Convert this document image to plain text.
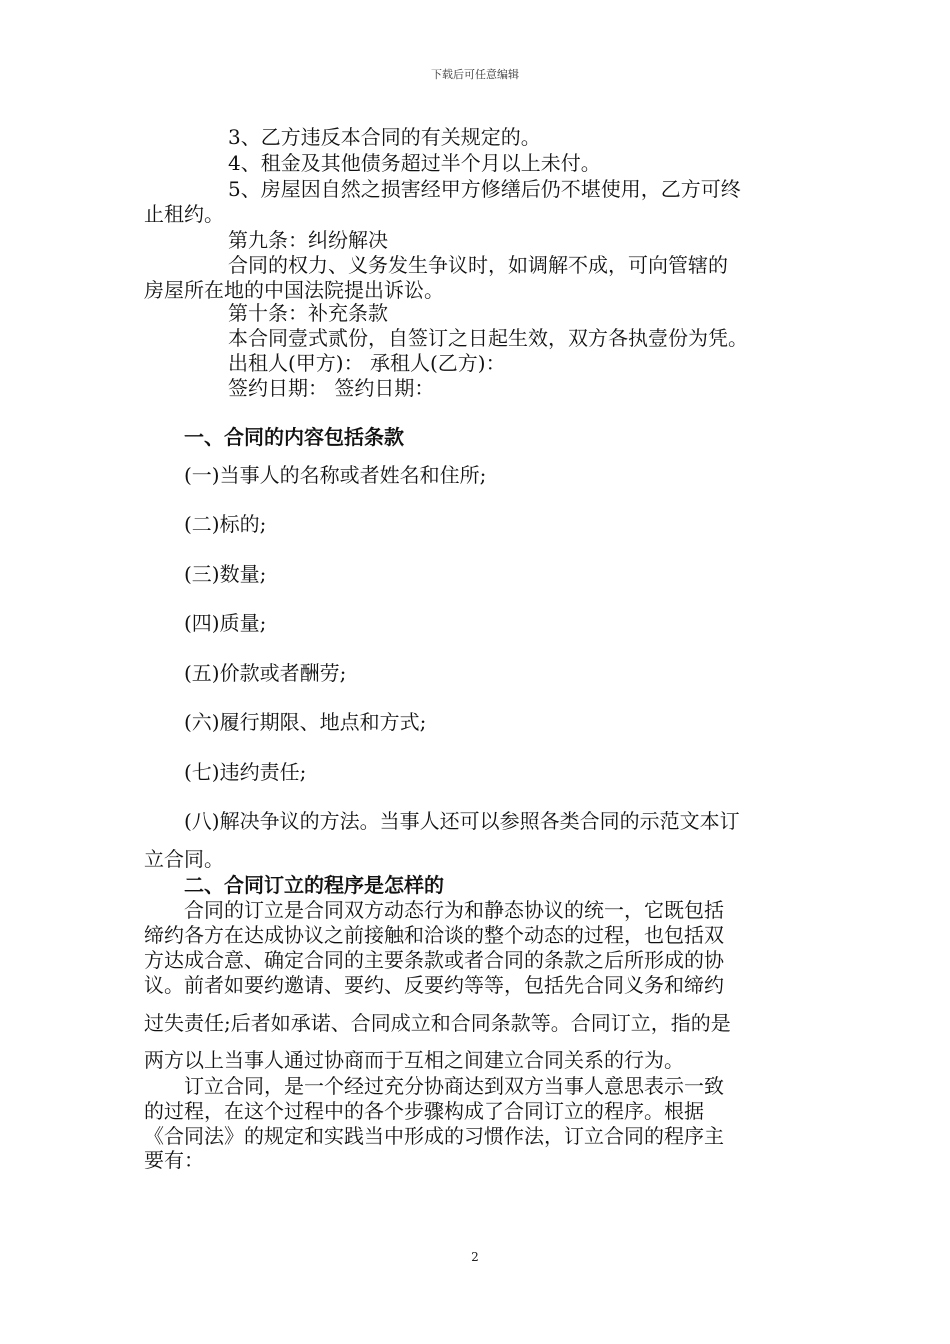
下载后可任意编辑
3、乙方违反本合同的有关规定的。
4、租金及其他债务超过半个月以上未付。
5、房屋因自然之损害经甲方修缮后仍不堪使用，乙方可终
止租约。
第九条：纠纷解决
合同的权力、义务发生争议时，如调解不成，可向管辖的
房屋所在地的中国法院提出诉讼。
第十条：补充条款
本合同壹式贰份，自签订之日起生效，双方各执壹份为凭。
出租人(甲方)： 承租人(乙方)：
签约日期： 签约日期：
一、合同的内容包括条款
(一)当事人的名称或者姓名和住所;
(二)标的;
(三)数量;
(四)质量;
(五)价款或者酬劳;
(六)履行期限、地点和方式;
(七)违约责任;
(八)解决争议的方法。当事人还可以参照各类合同的示范文本订
立合同。
二、合同订立的程序是怎样的
合同的订立是合同双方动态行为和静态协议的统一，它既包括
缔约各方在达成协议之前接触和洽谈的整个动态的过程，也包括双
方达成合意、确定合同的主要条款或者合同的条款之后所形成的协
议。前者如要约邀请、要约、反要约等等，包括先合同义务和缔约
过失责任;后者如承诺、合同成立和合同条款等。合同订立，指的是
两方以上当事人通过协商而于互相之间建立合同关系的行为。
订立合同，是一个经过充分协商达到双方当事人意思表示一致
的过程，在这个过程中的各个步骤构成了合同订立的程序。根据
《合同法》的规定和实践当中形成的习惯作法，订立合同的程序主
要有：
2
